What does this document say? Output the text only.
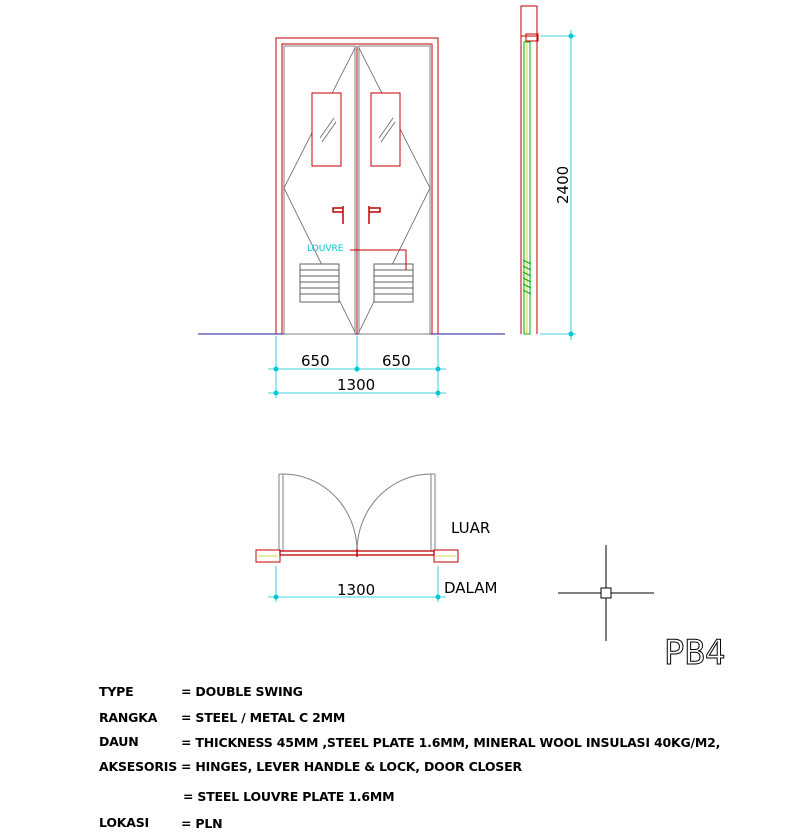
LOUVRE
650	650
1300
2400
1300
LUAR
DALAM
PB4
TYPE	= DOUBLE SWING
RANGKA = STEEL / METAL C 2MM
DAUN	= THICKNESS 45MM ,STEEL PLATE 1.6MM, MINERAL WOOL INSULASI 40KG/M2,
AKSESORIS = HINGES, LEVER HANDLE & LOCK, DOOR CLOSER
= STEEL LOUVRE PLATE 1.6MM
LOKASI	= PLN
